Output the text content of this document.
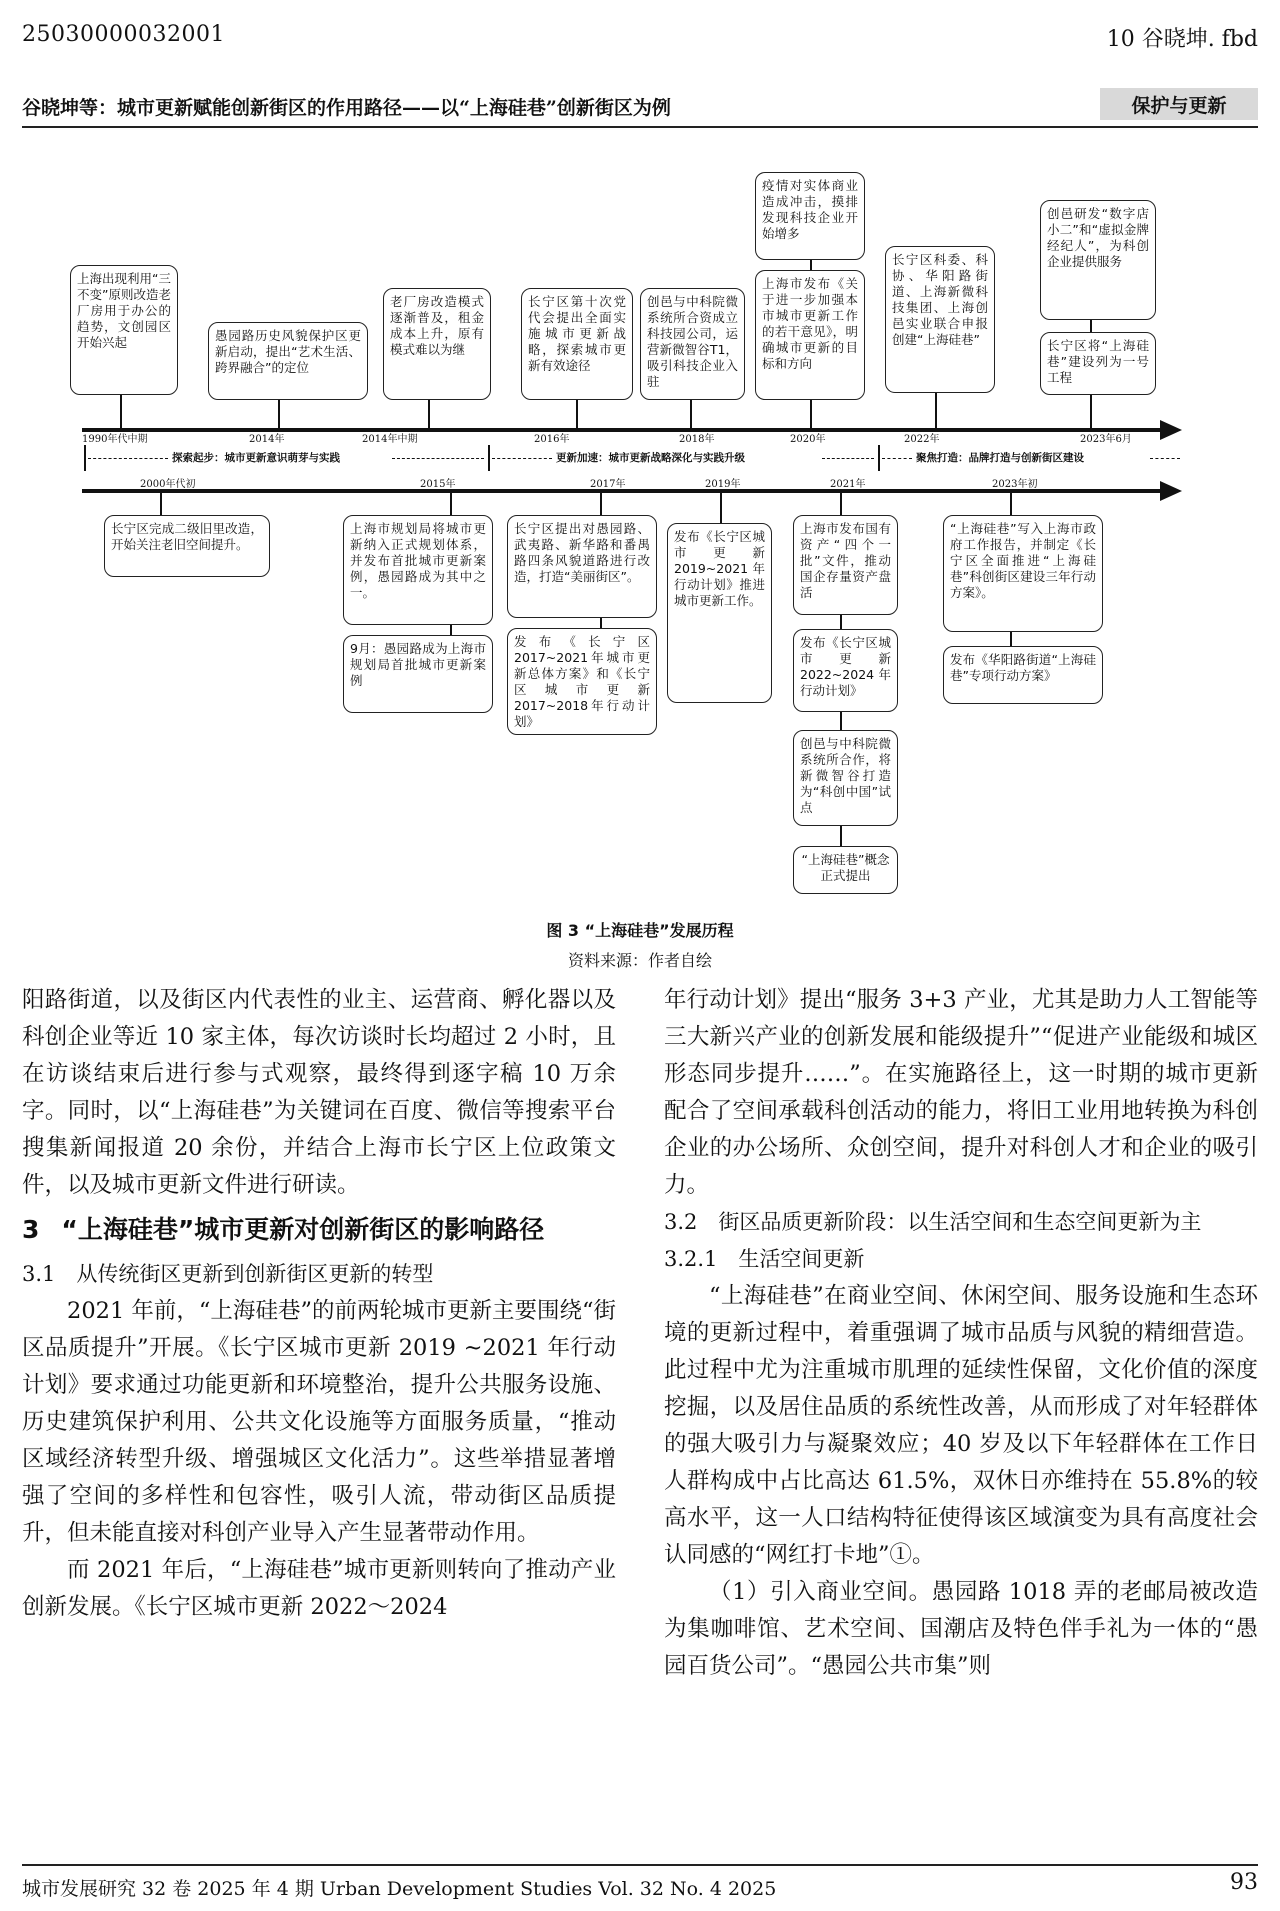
25030000032001	10 谷晓坤. fbd
谷晓坤等：城市更新赋能创新街区的作用路径——以“上海硅巷”创新街区为例	保护与更新
1990年代中期	2014年	2014年中期	2016年	2018年	2020年	2022年	2023年6月
2000年代初	2015年	2017年	2019年	2021年	2023年初
探索起步：城市更新意识萌芽与实践	更新加速：城市更新战略深化与实践升级	聚焦打造：品牌打造与创新街区建设
上海出现利用“三不变”原则改造老厂房用于办公的趋势，文创园区开始兴起	愚园路历史风貌保护区更新启动，提出“艺术生活、跨界融合”的定位
老厂房改造模式逐渐普及，租金成本上升，原有模式难以为继
长宁区第十次党代会提出全面实施城市更新战略，探索城市更新有效途径
创邑与中科院微系统所合资成立科技园公司，运营新微智谷T1，吸引科技企业入驻
疫情对实体商业造成冲击，摸排发现科技企业开始增多
上海市发布《关于进一步加强本市城市更新工作的若干意见》，明确城市更新的目标和方向
长宁区科委、科协、华阳路街道、上海新微科技集团、上海创邑实业联合申报创建“上海硅巷”
创邑研发“数字店小二”和“虚拟金牌经纪人”，为科创企业提供服务
长宁区将“上海硅巷”建设列为一号工程
长宁区完成二级旧里改造，开始关注老旧空间提升。
上海市规划局将城市更新纳入正式规划体系，并发布首批城市更新案例，愚园路成为其中之一。
9月：愚园路成为上海市规划局首批城市更新案例
长宁区提出对愚园路、武夷路、新华路和番禺路四条风貌道路进行改造，打造“美丽街区”。
发布《长宁区2017~2021年城市更新总体方案》和《长宁区城市更新2017~2018年行动计划》
发布《长宁区城市更新2019~2021年行动计划》推进城市更新工作。
上海市发布国有资产“四个一批”文件，推动国企存量资产盘活
发布《长宁区城市更新2022~2024年行动计划》
创邑与中科院微系统所合作，将新微智谷打造为“科创中国”试点
“上海硅巷”概念正式提出
“上海硅巷”写入上海市政府工作报告，并制定《长宁区全面推进“上海硅巷”科创街区建设三年行动方案》。
发布《华阳路街道“上海硅巷”专项行动方案》
图 3 “上海硅巷”发展历程
资料来源：作者自绘

阳路街道，以及街区内代表性的业主、运营商、孵化器以及科创企业等近 10 家主体，每次访谈时长均超过 2 小时，且在访谈结束后进行参与式观察，最终得到逐字稿 10 万余字。同时，以“上海硅巷”为关键词在百度、微信等搜索平台搜集新闻报道 20 余份，并结合上海市长宁区上位政策文件，以及城市更新文件进行研读。

3 “上海硅巷”城市更新对创新街区的影响路径

3.1　从传统街区更新到创新街区更新的转型

2021 年前，“上海硅巷”的前两轮城市更新主要围绕“街区品质提升”开展。《长宁区城市更新 2019 ~2021 年行动计划》要求通过功能更新和环境整治，提升公共服务设施、历史建筑保护利用、公共文化设施等方面服务质量，“推动区域经济转型升级、增强城区文化活力”。这些举措显著增强了空间的多样性和包容性，吸引人流，带动街区品质提升，但未能直接对科创产业导入产生显著带动作用。

而 2021 年后，“上海硅巷”城市更新则转向了推动产业创新发展。《长宁区城市更新 2022～2024

年行动计划》提出“服务 3+3 产业，尤其是助力人工智能等三大新兴产业的创新发展和能级提升”“促进产业能级和城区形态同步提升……”。在实施路径上，这一时期的城市更新配合了空间承载科创活动的能力，将旧工业用地转换为科创企业的办公场所、众创空间，提升对科创人才和企业的吸引力。

3.2　街区品质更新阶段：以生活空间和生态空间更新为主

3.2.1　生活空间更新

“上海硅巷”在商业空间、休闲空间、服务设施和生态环境的更新过程中，着重强调了城市品质与风貌的精细营造。此过程中尤为注重城市肌理的延续性保留，文化价值的深度挖掘，以及居住品质的系统性改善，从而形成了对年轻群体的强大吸引力与凝聚效应；40 岁及以下年轻群体在工作日人群构成中占比高达 61.5%，双休日亦维持在 55.8%的较高水平，这一人口结构特征使得该区域演变为具有高度社会认同感的“网红打卡地”①。

（1）引入商业空间。愚园路 1018 弄的老邮局被改造为集咖啡馆、艺术空间、国潮店及特色伴手礼为一体的“愚园百货公司”。“愚园公共市集”则

城市发展研究 32 卷 2025 年 4 期 Urban Development Studies Vol. 32 No. 4 2025	93
